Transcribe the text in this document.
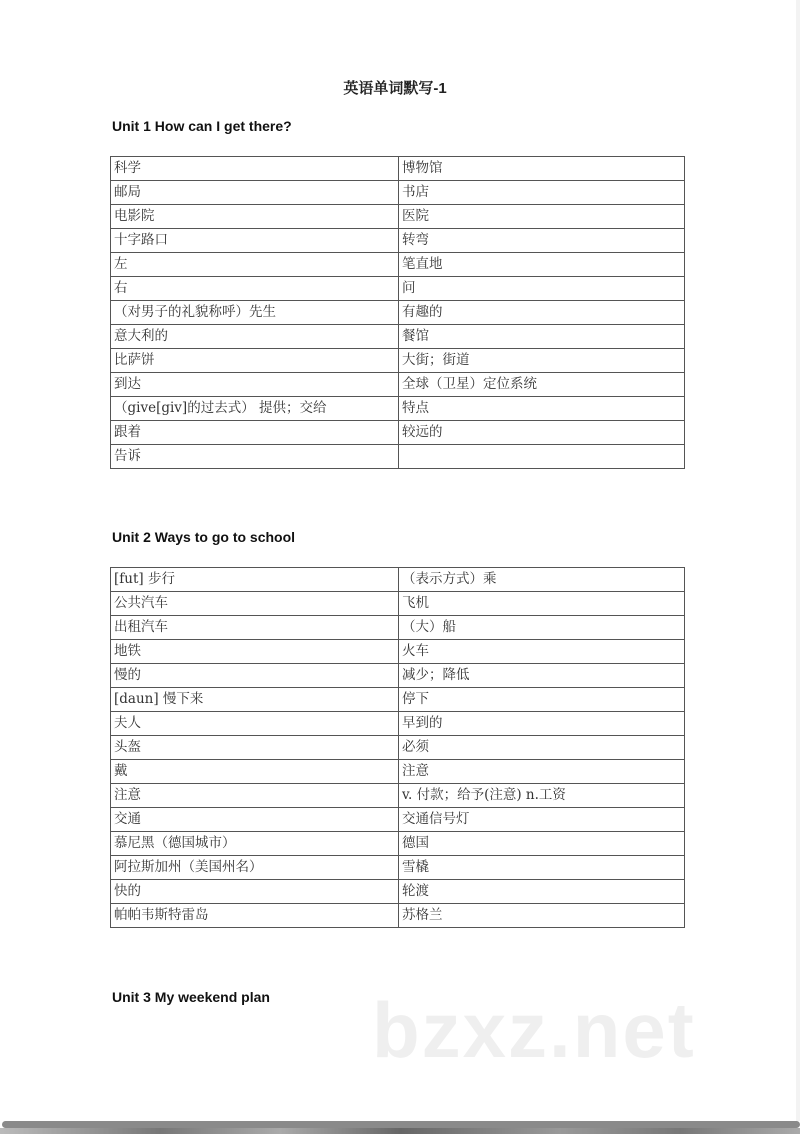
英语单词默写-1
Unit 1 How can I get there?
科学	博物馆
邮局	书店
电影院	医院
十字路口	转弯
左	笔直地
右	问
（对男子的礼貌称呼）先生	有趣的
意大利的	餐馆
比萨饼	大街；街道
到达	全球（卫星）定位系统
（give[giv]的过去式） 提供；交给	特点
跟着	较远的
告诉	
Unit 2 Ways to go to school
[fut] 步行	（表示方式）乘
公共汽车	飞机
出租汽车	（大）船
地铁	火车
慢的	减少；降低
[daun] 慢下来	停下
夫人	早到的
头盔	必须
戴	注意
注意	v. 付款；给予(注意) n.工资
交通	交通信号灯
慕尼黑（德国城市）	德国
阿拉斯加州（美国州名）	雪橇
快的	轮渡
帕帕韦斯特雷岛	苏格兰
Unit 3 My weekend plan bzxz.net
